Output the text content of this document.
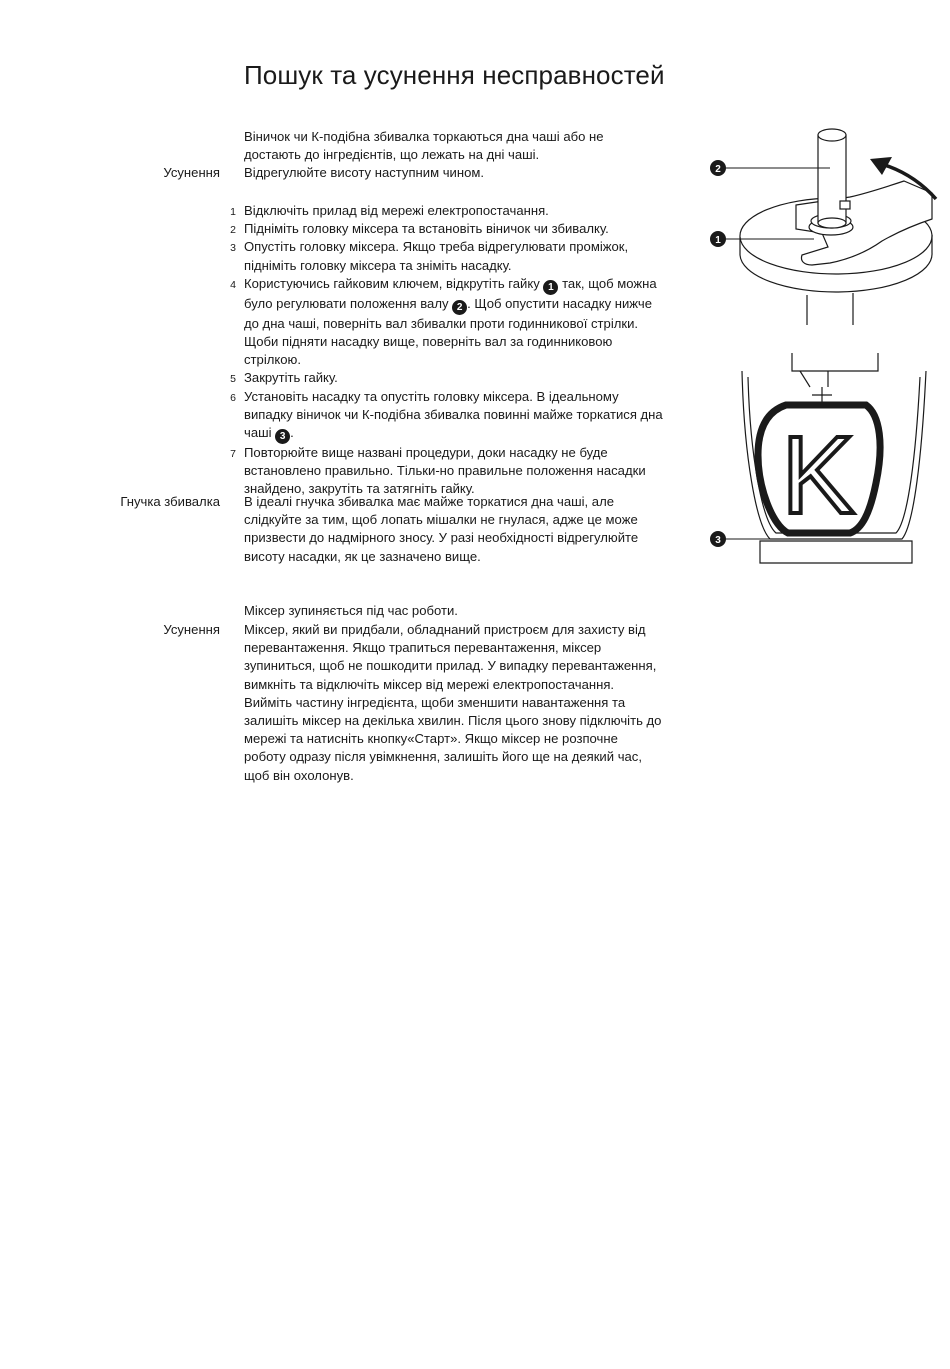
Пошук та усунення несправностей
Віничок чи К-подібна збивалка торкаються дна чаші або не
достають до інгредієнтів, що лежать на дні чаші.
Усунення Відрегулюйте висоту наступним чином.
1 Відключіть прилад від мережі електропостачання.
2 Підніміть головку міксера та встановіть віничок чи збивалку.
3 Опустіть головку міксера. Якщо треба відрегулювати проміжок,
підніміть головку міксера та зніміть насадку.
4 Користуючись гайковим ключем, відкрутіть гайку 1 так, щоб можна
було регулювати положення валу 2 . Щоб опустити насадку нижче
до дна чаші, поверніть вал збивалки проти годинникової стрілки.
Щоби підняти насадку вище, поверніть вал за годинниковою
стрілкою.
5 Закрутіть гайку.
6 Установіть насадку та опустіть головку міксера. В ідеальному
випадку віничок чи К-подібна збивалка повинні майже торкатися дна
чаші 3 .
7 Повторюйте вище названі процедури, доки насадку не буде
встановлено правильно. Тільки-но правильне положення насадки
знайдено, закрутіть та затягніть гайку.
Гнучка збивалка В ідеалі гнучка збивалка має майже торкатися дна чаші, але
слідкуйте за тим, щоб лопать мішалки не гнулася, адже це може
призвести до надмірного зносу. У разі необхідності відрегулюйте
висоту насадки, як це зазначено вище.
Міксер зупиняється під час роботи.
Усунення Міксер, який ви придбали, обладнаний пристроєм для захисту від
перевантаження. Якщо трапиться перевантаження, міксер
зупиниться, щоб не пошкодити прилад. У випадку перевантаження,
вимкніть та відключіть міксер від мережі електропостачання.
Вийміть частину інгредієнта, щоби зменшити навантаження та
залишіть міксер на декілька хвилин. Після цього знову підключіть до
мережі та натисніть кнопку«Старт». Якщо міксер не розпочне
роботу одразу після увімкнення, залишіть його ще на деякий час,
щоб він охолонув.
2
1
K
3
